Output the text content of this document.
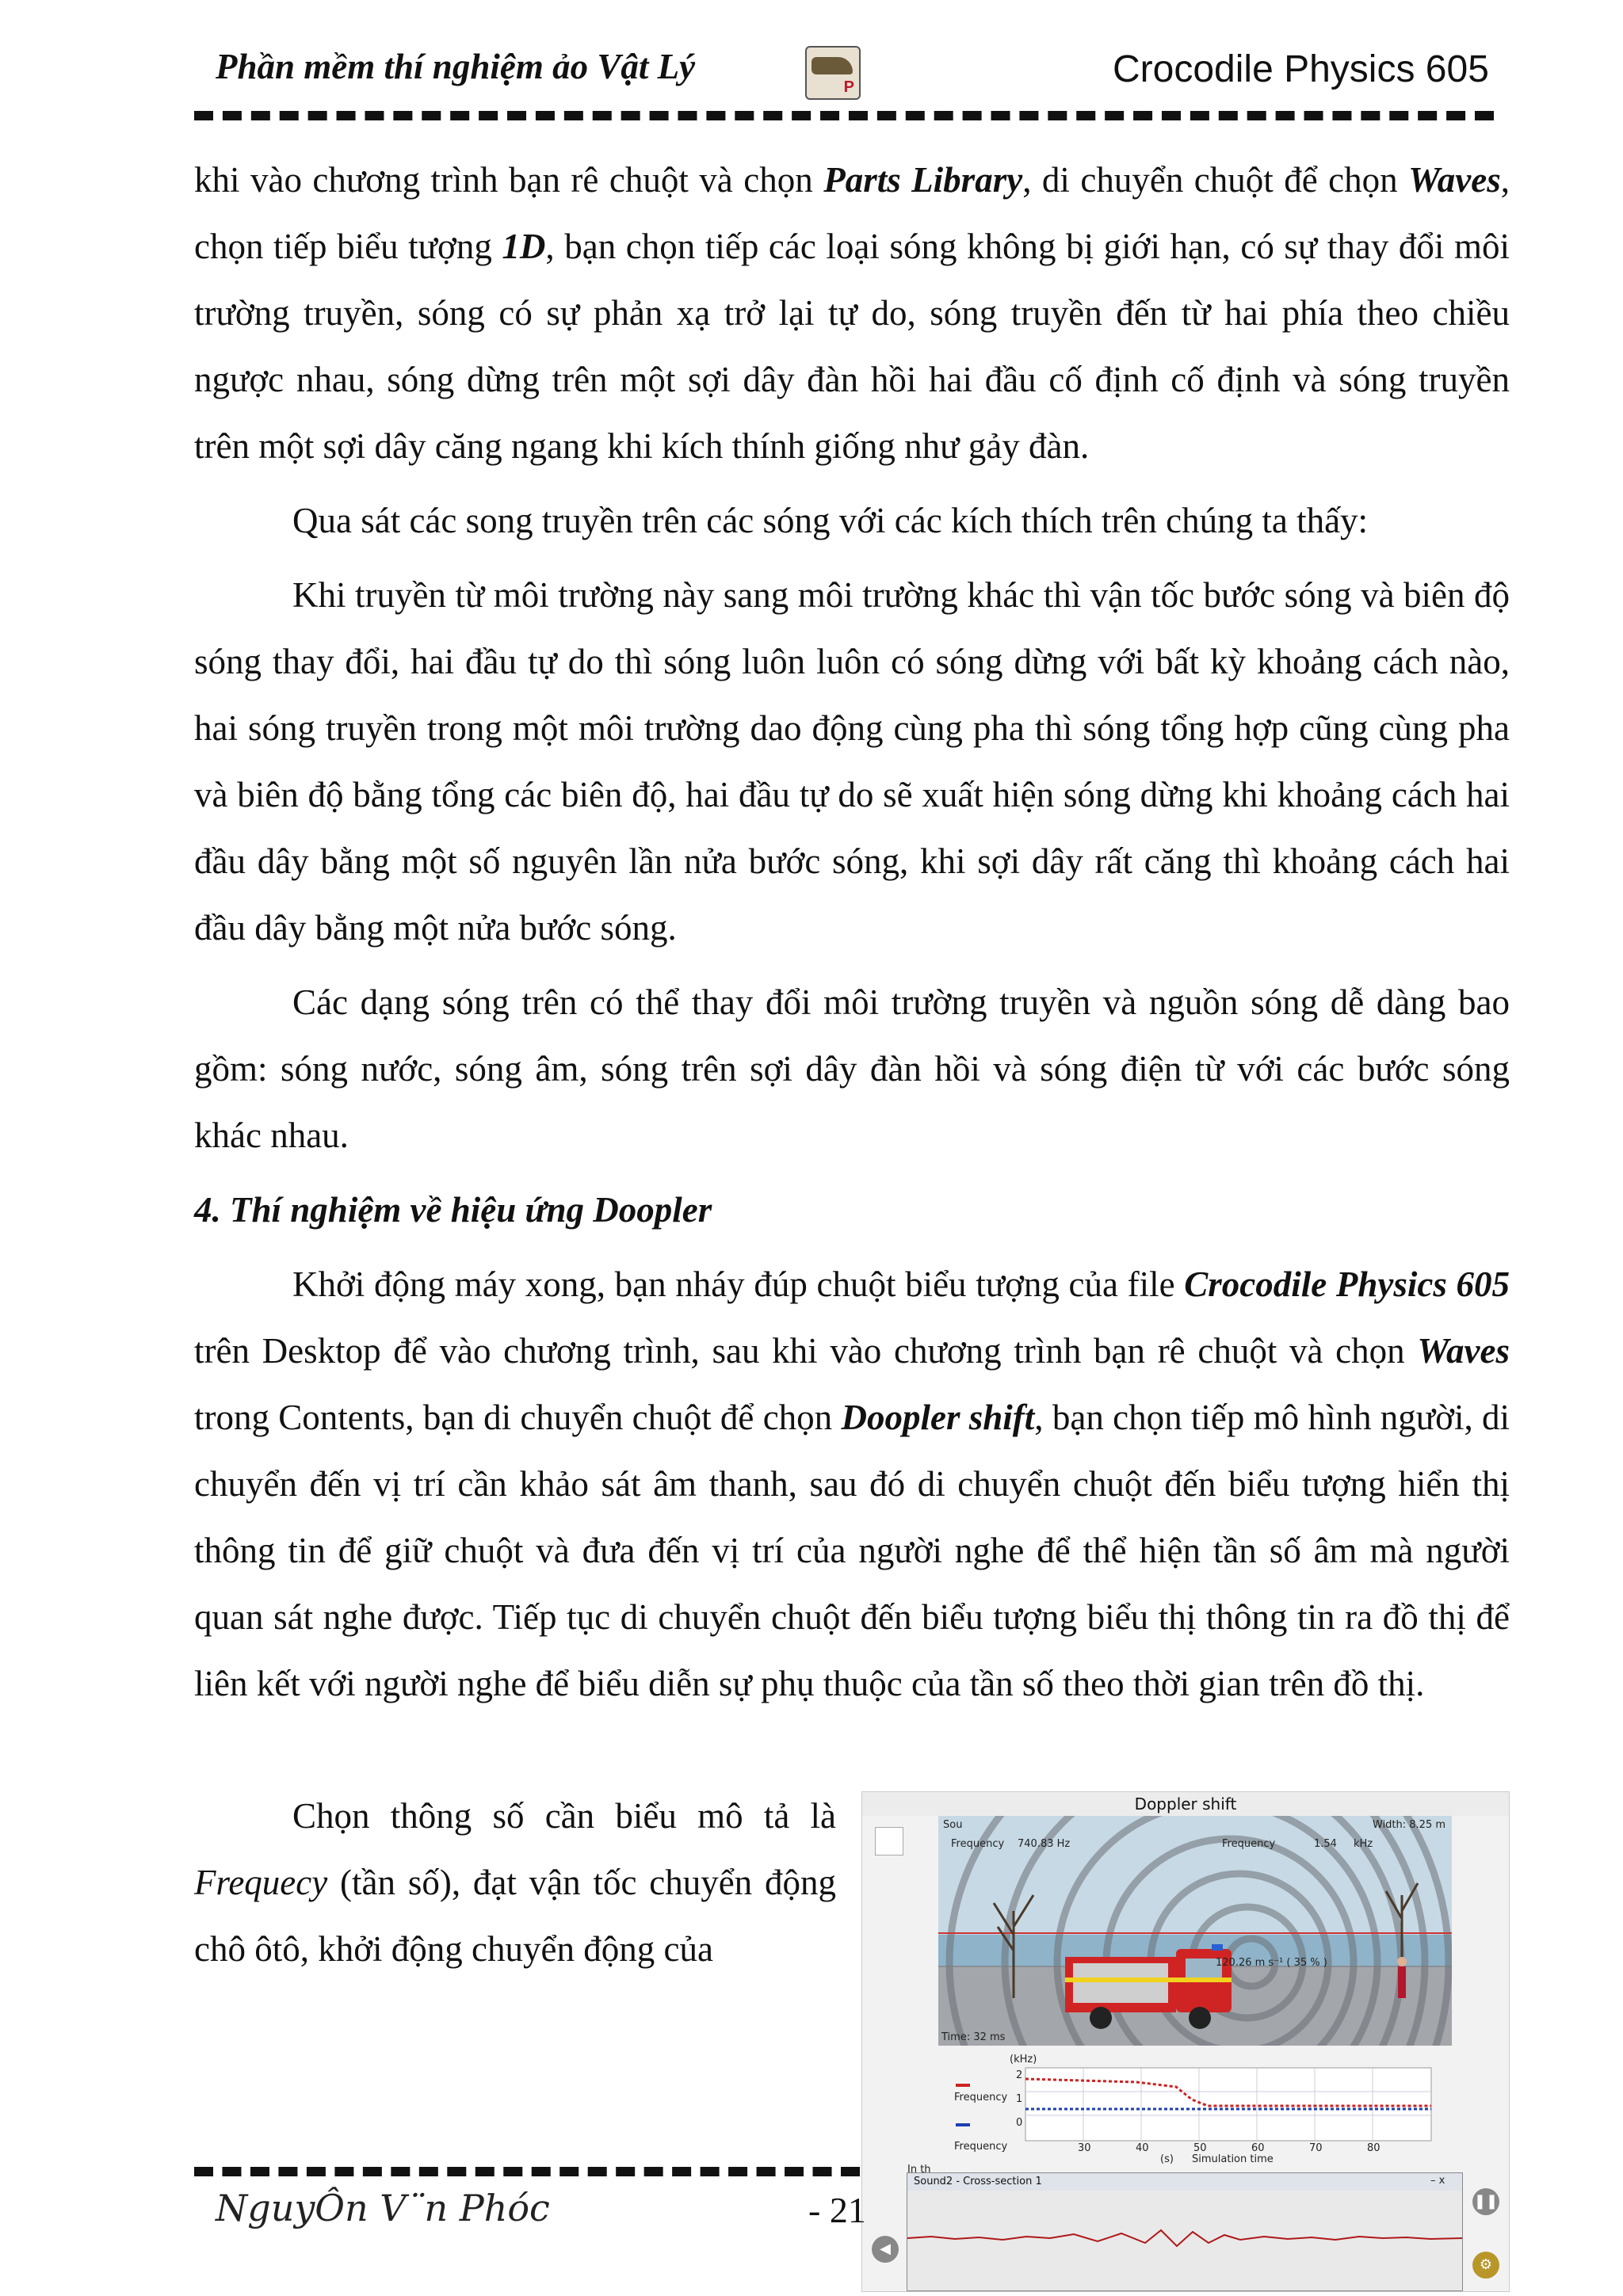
Phần mềm thí nghiệm ảo Vật Lý
P	Crocodile Physics 605

khi vào chương trình bạn rê chuột và chọn Parts Library, di chuyển chuột để chọn Waves, chọn tiếp biểu tượng 1D, bạn chọn tiếp các loại sóng không bị giới hạn, có sự thay đổi môi trường truyền, sóng có sự phản xạ trở lại tự do, sóng truyền đến từ hai phía theo chiều ngược nhau, sóng dừng trên một sợi dây đàn hồi hai đầu cố định cố định và sóng truyền trên một sợi dây căng ngang khi kích thính giống như gảy đàn.

Qua sát các song truyền trên các sóng với các kích thích trên chúng ta thấy:

Khi truyền từ môi trường này sang môi trường khác thì vận tốc bước sóng và biên độ sóng thay đổi, hai đầu tự do thì sóng luôn luôn có sóng dừng với bất kỳ khoảng cách nào, hai sóng truyền trong một môi trường dao động cùng pha thì sóng tổng hợp cũng cùng pha và biên độ bằng tổng các biên độ, hai đầu tự do sẽ xuất hiện sóng dừng khi khoảng cách hai đầu dây bằng một số nguyên lần nửa bước sóng, khi sợi dây rất căng thì khoảng cách hai đầu dây bằng một nửa bước sóng.

Các dạng sóng trên có thể thay đổi môi trường truyền và nguồn sóng dễ dàng bao gồm: sóng nước, sóng âm, sóng trên sợi dây đàn hồi và sóng điện từ với các bước sóng khác nhau.

4. Thí nghiệm về hiệu ứng Doopler

Khởi động máy xong, bạn nháy đúp chuột biểu tượng của file Crocodile Physics 605 trên Desktop để vào chương trình, sau khi vào chương trình bạn rê chuột và chọn Waves trong Contents, bạn di chuyển chuột để chọn Doopler shift, bạn chọn tiếp mô hình người, di chuyển đến vị trí cần khảo sát âm thanh, sau đó di chuyển chuột đến biểu tượng hiển thị thông tin để giữ chuột và đưa đến vị trí của người nghe để thể hiện tần số âm mà người quan sát nghe được. Tiếp tục di chuyển chuột đến biểu tượng biểu thị thông tin ra đồ thị để liên kết với người nghe để biểu diễn sự phụ thuộc của tần số theo thời gian trên đồ thị.

Chọn thông số cần biểu mô tả là Frequecy (tần số), đạt vận tốc chuyển động chô ôtô, khởi động chuyển động của
Doppler shift
Sou	Width: 8.25 m
Frequency 740.83 Hz	Frequency	1.54 kHz
120.26 m s⁻¹ ( 35 % )
Time: 32 ms
(kHz)
Frequency
Frequency
2
1
0
30	40	50	60	70	80
(s) Simulation time
Sound2 - Cross-section 1	– x
In th
◀
❚❚
⚙
NguyÔn V¨n Phóc	- 21
